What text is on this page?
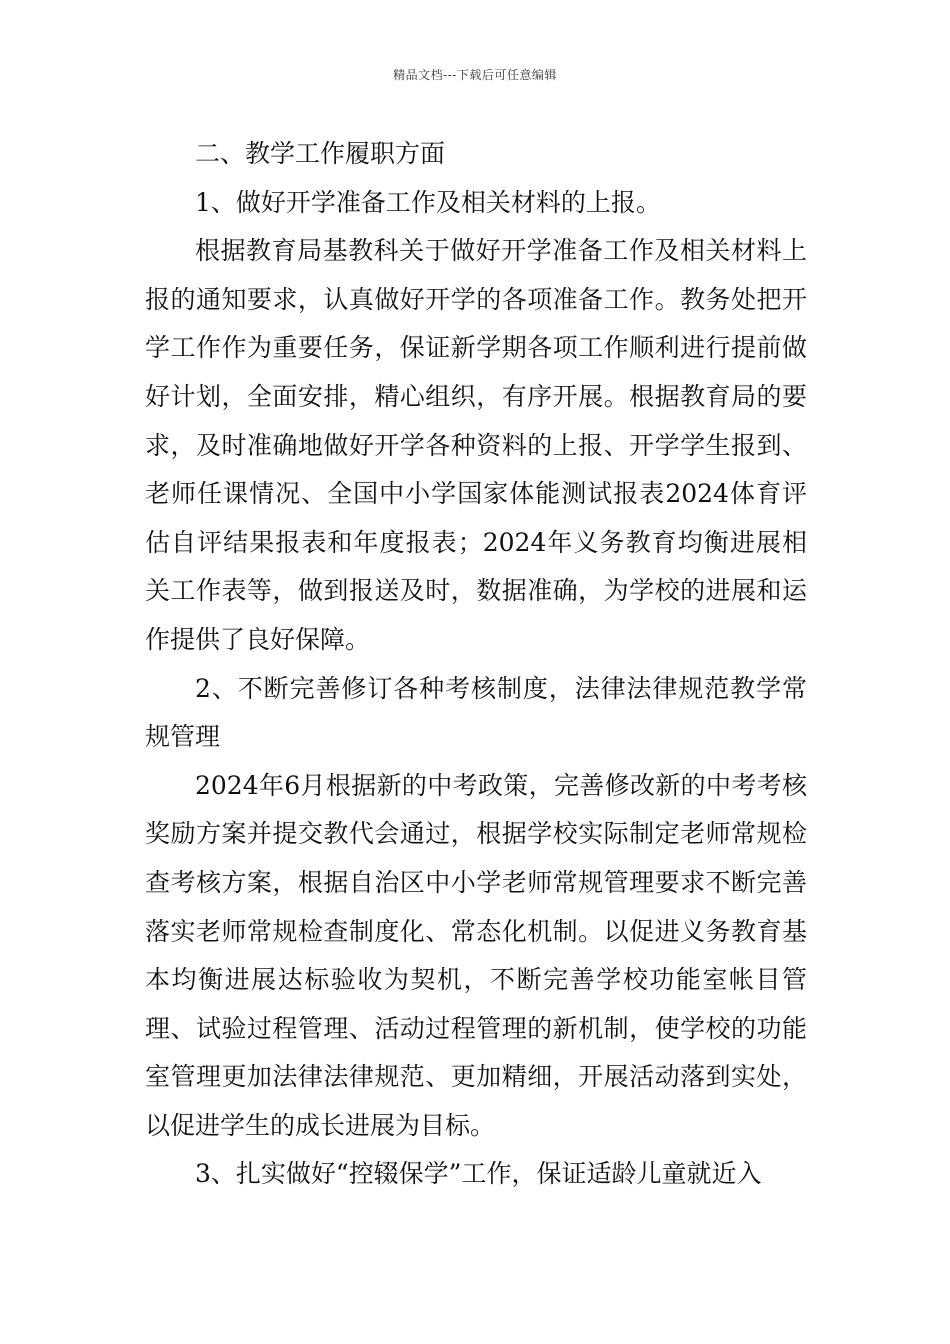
精品文档---下载后可任意编辑

二、教学工作履职方面

1、做好开学准备工作及相关材料的上报。

根据教育局基教科关于做好开学准备工作及相关材料上报的通知要求，认真做好开学的各项准备工作。教务处把开学工作作为重要任务，保证新学期各项工作顺利进行提前做好计划，全面安排，精心组织，有序开展。根据教育局的要求，及时准确地做好开学各种资料的上报、开学学生报到、老师任课情况、全国中小学国家体能测试报表2024体育评估自评结果报表和年度报表；2024年义务教育均衡进展相关工作表等，做到报送及时，数据准确，为学校的进展和运作提供了良好保障。

2、不断完善修订各种考核制度，法律法律规范教学常规管理

2024年6月根据新的中考政策，完善修改新的中考考核奖励方案并提交教代会通过，根据学校实际制定老师常规检查考核方案，根据自治区中小学老师常规管理要求不断完善落实老师常规检查制度化、常态化机制。以促进义务教育基本均衡进展达标验收为契机，不断完善学校功能室帐目管理、试验过程管理、活动过程管理的新机制，使学校的功能室管理更加法律法律规范、更加精细，开展活动落到实处，以促进学生的成长进展为目标。

3、扎实做好“控辍保学”工作，保证适龄儿童就近入
